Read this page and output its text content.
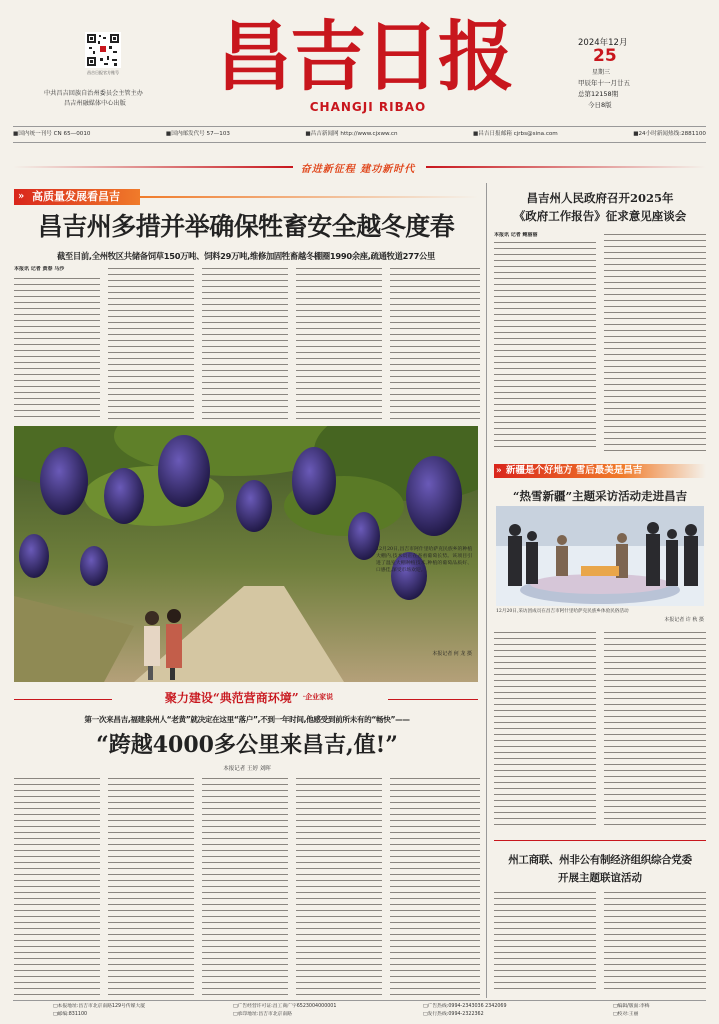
昌吉日报官方账号
中共昌吉回族自治州委员会主管主办
昌吉州融媒体中心出版
昌吉日报
CHANGJI RIBAO
2024年12月
25
星期三
甲辰年十一月廿五
总第12158期
今日8版
■国内统一刊号 CN 65—0010	■国内邮发代号 57—103	■昌吉新闻网 http://www.cjxww.cn	■昌吉日报邮箱 cjrbs@sina.com	■24小时新闻热线:2881100
奋进新征程 建功新时代
» 高质量发展看昌吉
昌吉州多措并举确保牲畜安全越冬度春
截至目前,全州牧区共储备饲草150万吨、饲料29万吨,维修加固牲畜越冬棚圈1990余座,疏通牧道277公里
本报讯 记者 黄春 马沙
12月20日,昌吉市阿什里哈萨克民族乡的种植大棚内,技术员正在查看葡萄长势。该项目引进了温室大棚种植技术,种植的葡萄品质好、口感佳,深受市场欢迎。
本报记者 何 龙 摄
聚力建设“典范营商环境” ·企业家说
第一次来昌吉,福建泉州人“老黄”就决定在这里“落户”,不到一年时间,他感受到前所未有的“畅快”——
“跨越4000多公里来昌吉,值!”
本报记者 王婷 刘晖
昌吉州人民政府召开2025年
《政府工作报告》征求意见座谈会
本报讯 记者 鲍丽丽
» 新疆是个好地方 雪后最美是昌吉
“热雪新疆”主题采访活动走进昌吉
12月20日,采访团成员在昌吉市阿什里哈萨克民族乡体验民俗活动
本报记者 许 秋 摄
州工商联、州非公有制经济组织综合党委
开展主题联谊活动
□本报地址:昌吉市北京南路129号传媒大厦
□邮编:831100
□广告经营许可证:昌工商广字6523004000001
□承印地址:昌吉市北京南路
□广告热线:0994-2343036 2342069
□发行热线:0994-2322362
□编辑/版面:李梅
□校对:王丽
